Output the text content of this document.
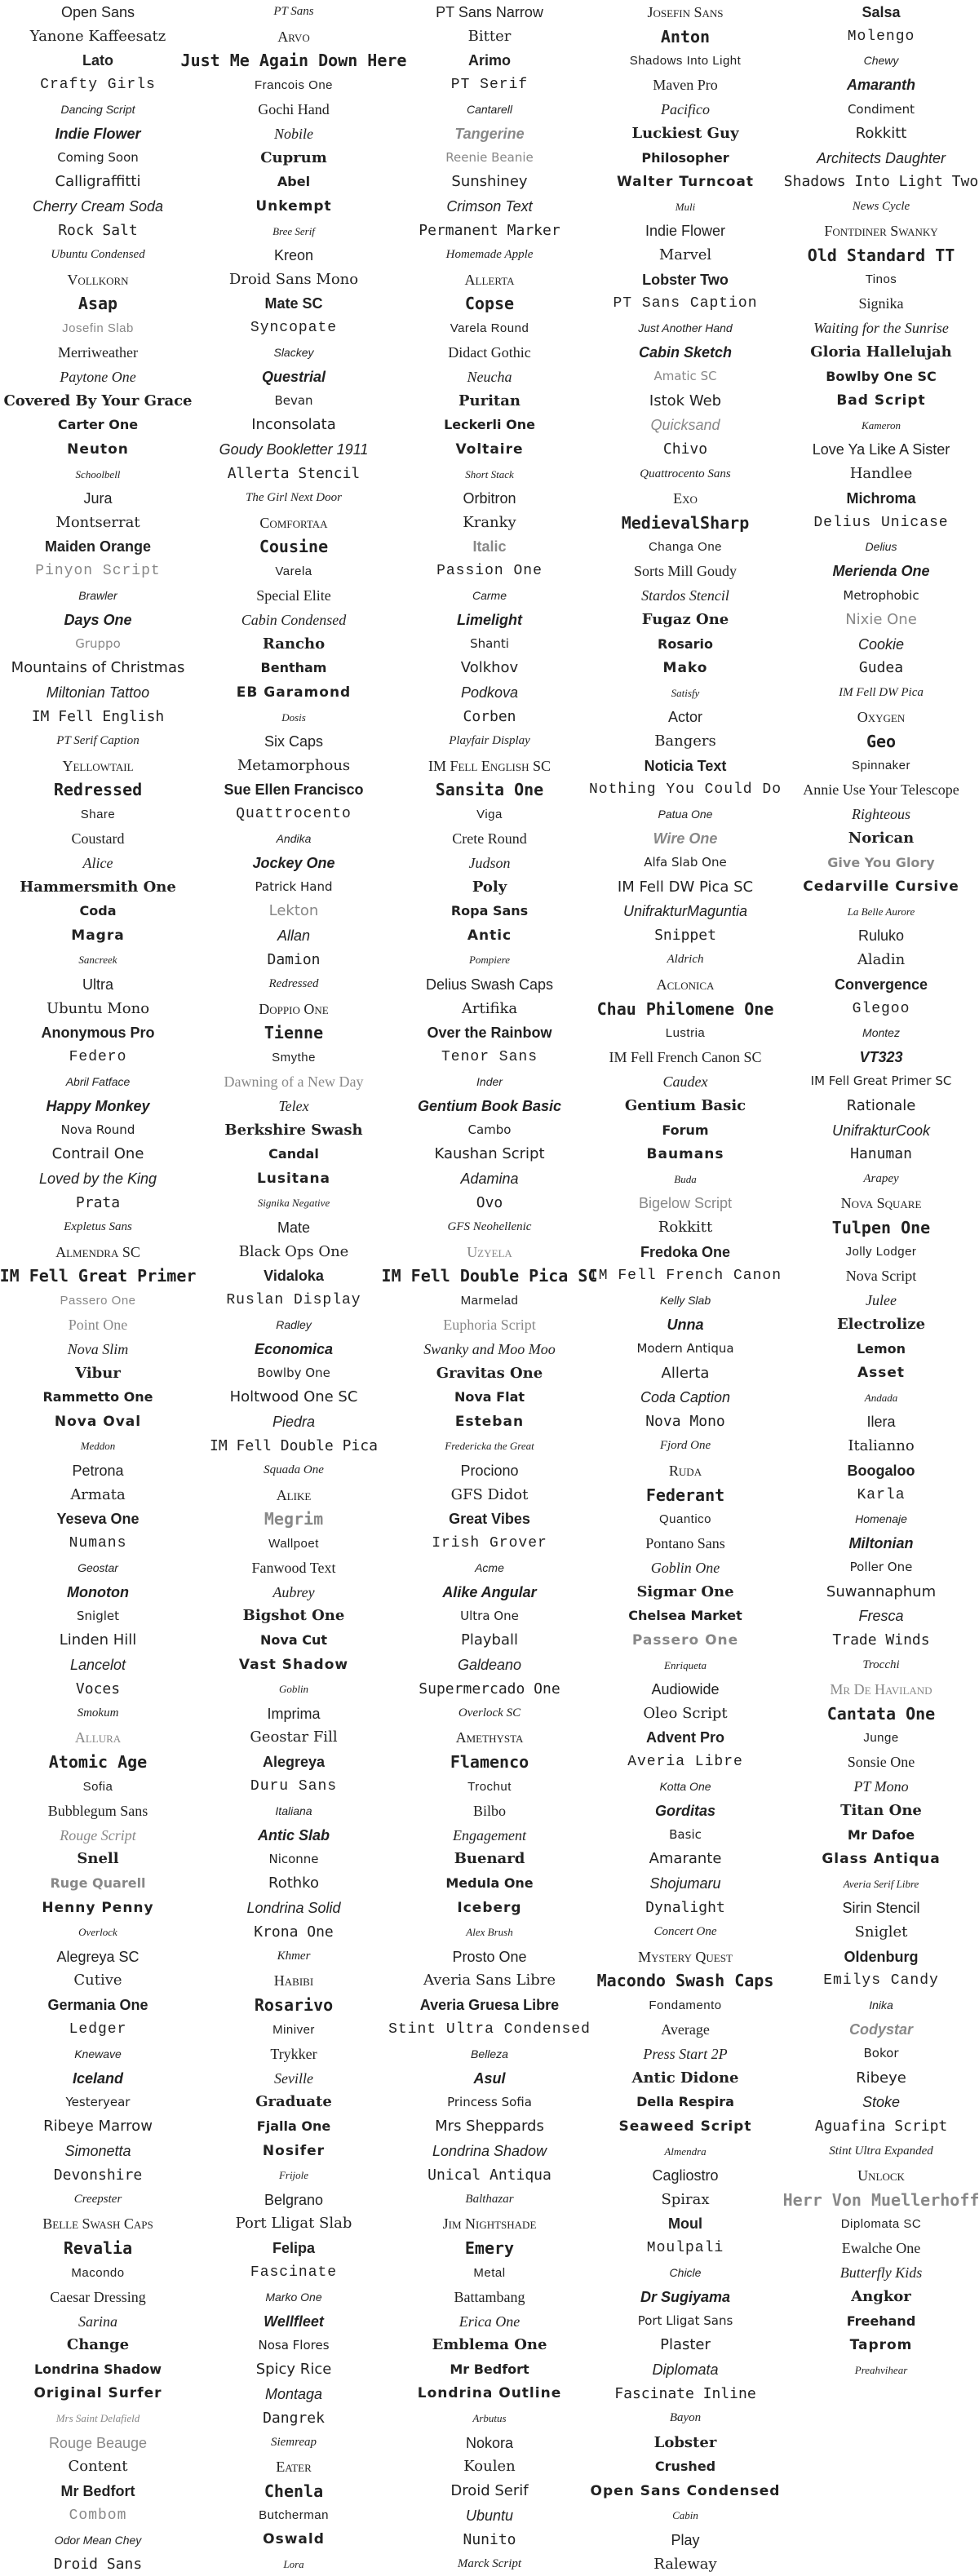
Open Sans
Yanone Kaffeesatz
Lato
Crafty Girls
Dancing Script
Indie Flower
Coming Soon
Calligraffitti
Cherry Cream Soda
Rock Salt
Ubuntu Condensed
Vollkorn
Asap
Josefin Slab
Merriweather
Paytone One
Covered By Your Grace
Carter One
Neuton
Schoolbell
Jura
Montserrat
Maiden Orange
Pinyon Script
Brawler
Days One
Gruppo
Mountains of Christmas
Miltonian Tattoo
IM Fell English
PT Serif Caption
Yellowtail
Redressed
Share
Coustard
Alice
Hammersmith One
Coda
Magra
Sancreek
Ultra
Ubuntu Mono
Anonymous Pro
Federo
Abril Fatface
Happy Monkey
Nova Round
Contrail One
Loved by the King
Prata
Expletus Sans
Almendra SC
IM Fell Great Primer
Passero One
Point One
Nova Slim
Vibur
Rammetto One
Nova Oval
Meddon
Petrona
Armata
Yeseva One
Numans
Geostar
Monoton
Sniglet
Linden Hill
Lancelot
Voces
Smokum
Allura
Atomic Age
Sofia
Bubblegum Sans
Rouge Script
Snell
Ruge Quarell
Henny Penny
Overlock
Alegreya SC
Cutive
Germania One
Ledger
Knewave
Iceland
Yesteryear
Ribeye Marrow
Simonetta
Devonshire
Creepster
Belle Swash Caps
Revalia
Macondo
Caesar Dressing
Sarina
Change
Londrina Shadow
Original Surfer
Mrs Saint Delafield
Rouge Beauge
Content
Mr Bedfort
Combom
Odor Mean Chey
Droid Sans
PT Sans
Arvo
Just Me Again Down Here
Francois One
Gochi Hand
Nobile
Cuprum
Abel
Unkempt
Bree Serif
Kreon
Droid Sans Mono
Mate SC
Syncopate
Slackey
Questrial
Bevan
Inconsolata
Goudy Bookletter 1911
Allerta Stencil
The Girl Next Door
Comfortaa
Cousine
Varela
Special Elite
Cabin Condensed
Rancho
Bentham
EB Garamond
Dosis
Six Caps
Metamorphous
Sue Ellen Francisco
Quattrocento
Andika
Jockey One
Patrick Hand
Lekton
Allan
Damion
Redressed
Doppio One
Tienne
Smythe
Dawning of a New Day
Telex
Berkshire Swash
Candal
Lusitana
Signika Negative
Mate
Black Ops One
Vidaloka
Ruslan Display
Radley
Economica
Bowlby One
Holtwood One SC
Piedra
IM Fell Double Pica
Squada One
Alike
Megrim
Wallpoet
Fanwood Text
Aubrey
Bigshot One
Nova Cut
Vast Shadow
Goblin
Imprima
Geostar Fill
Alegreya
Duru Sans
Italiana
Antic Slab
Niconne
Rothko
Londrina Solid
Krona One
Khmer
Habibi
Rosarivo
Miniver
Trykker
Seville
Graduate
Fjalla One
Nosifer
Frijole
Belgrano
Port Lligat Slab
Felipa
Fascinate
Marko One
Wellfleet
Nosa Flores
Spicy Rice
Montaga
Dangrek
Siemreap
Eater
Chenla
Butcherman
Oswald
Lora
PT Sans Narrow
Bitter
Arimo
PT Serif
Cantarell
Tangerine
Reenie Beanie
Sunshiney
Crimson Text
Permanent Marker
Homemade Apple
Allerta
Copse
Varela Round
Didact Gothic
Neucha
Puritan
Leckerli One
Voltaire
Short Stack
Orbitron
Kranky
Italic
Passion One
Carme
Limelight
Shanti
Volkhov
Podkova
Corben
Playfair Display
IM Fell English SC
Sansita One
Viga
Crete Round
Judson
Poly
Ropa Sans
Antic
Pompiere
Delius Swash Caps
Artifika
Over the Rainbow
Tenor Sans
Inder
Gentium Book Basic
Cambo
Kaushan Script
Adamina
Ovo
GFS Neohellenic
Uzyela
IM Fell Double Pica SC
Marmelad
Euphoria Script
Swanky and Moo Moo
Gravitas One
Nova Flat
Esteban
Fredericka the Great
Prociono
GFS Didot
Great Vibes
Irish Grover
Acme
Alike Angular
Ultra One
Playball
Galdeano
Supermercado One
Overlock SC
Amethysta
Flamenco
Trochut
Bilbo
Engagement
Buenard
Medula One
Iceberg
Alex Brush
Prosto One
Averia Sans Libre
Averia Gruesa Libre
Stint Ultra Condensed
Belleza
Asul
Princess Sofia
Mrs Sheppards
Londrina Shadow
Unical Antiqua
Balthazar
Jim Nightshade
Emery
Metal
Battambang
Erica One
Emblema One
Mr Bedfort
Londrina Outline
Arbutus
Nokora
Koulen
Droid Serif
Ubuntu
Nunito
Marck Script
Josefin Sans
Anton
Shadows Into Light
Maven Pro
Pacifico
Luckiest Guy
Philosopher
Walter Turncoat
Muli
Indie Flower
Marvel
Lobster Two
PT Sans Caption
Just Another Hand
Cabin Sketch
Amatic SC
Istok Web
Quicksand
Chivo
Quattrocento Sans
Exo
MedievalSharp
Changa One
Sorts Mill Goudy
Stardos Stencil
Fugaz One
Rosario
Mako
Satisfy
Actor
Bangers
Noticia Text
Nothing You Could Do
Patua One
Wire One
Alfa Slab One
IM Fell DW Pica SC
UnifrakturMaguntia
Snippet
Aldrich
Aclonica
Chau Philomene One
Lustria
IM Fell French Canon SC
Caudex
Gentium Basic
Forum
Baumans
Buda
Bigelow Script
Rokkitt
Fredoka One
IM Fell French Canon
Kelly Slab
Unna
Modern Antiqua
Allerta
Coda Caption
Nova Mono
Fjord One
Ruda
Federant
Quantico
Pontano Sans
Goblin One
Sigmar One
Chelsea Market
Passero One
Enriqueta
Audiowide
Oleo Script
Advent Pro
Averia Libre
Kotta One
Gorditas
Basic
Amarante
Shojumaru
Dynalight
Concert One
Mystery Quest
Macondo Swash Caps
Fondamento
Average
Press Start 2P
Antic Didone
Della Respira
Seaweed Script
Almendra
Cagliostro
Spirax
Moul
Moulpali
Chicle
Dr Sugiyama
Port Lligat Sans
Plaster
Diplomata
Fascinate Inline
Bayon
Lobster
Crushed
Open Sans Condensed
Cabin
Play
Raleway
Salsa
Molengo
Chewy
Amaranth
Condiment
Rokkitt
Architects Daughter
Shadows Into Light Two
News Cycle
Fontdiner Swanky
Old Standard TT
Tinos
Signika
Waiting for the Sunrise
Gloria Hallelujah
Bowlby One SC
Bad Script
Kameron
Love Ya Like A Sister
Handlee
Michroma
Delius Unicase
Delius
Merienda One
Metrophobic
Nixie One
Cookie
Gudea
IM Fell DW Pica
Oxygen
Geo
Spinnaker
Annie Use Your Telescope
Righteous
Norican
Give You Glory
Cedarville Cursive
La Belle Aurore
Ruluko
Aladin
Convergence
Glegoo
Montez
VT323
IM Fell Great Primer SC
Rationale
UnifrakturCook
Hanuman
Arapey
Nova Square
Tulpen One
Jolly Lodger
Nova Script
Julee
Electrolize
Lemon
Asset
Andada
Ilera
Italianno
Boogaloo
Karla
Homenaje
Miltonian
Poller One
Suwannaphum
Fresca
Trade Winds
Trocchi
Mr De Haviland
Cantata One
Junge
Sonsie One
PT Mono
Titan One
Mr Dafoe
Glass Antiqua
Averia Serif Libre
Sirin Stencil
Sniglet
Oldenburg
Emilys Candy
Inika
Codystar
Bokor
Ribeye
Stoke
Aguafina Script
Stint Ultra Expanded
Unlock
Herr Von Muellerhoff
Diplomata SC
Ewalche One
Butterfly Kids
Angkor
Freehand
Taprom
Preahvihear
